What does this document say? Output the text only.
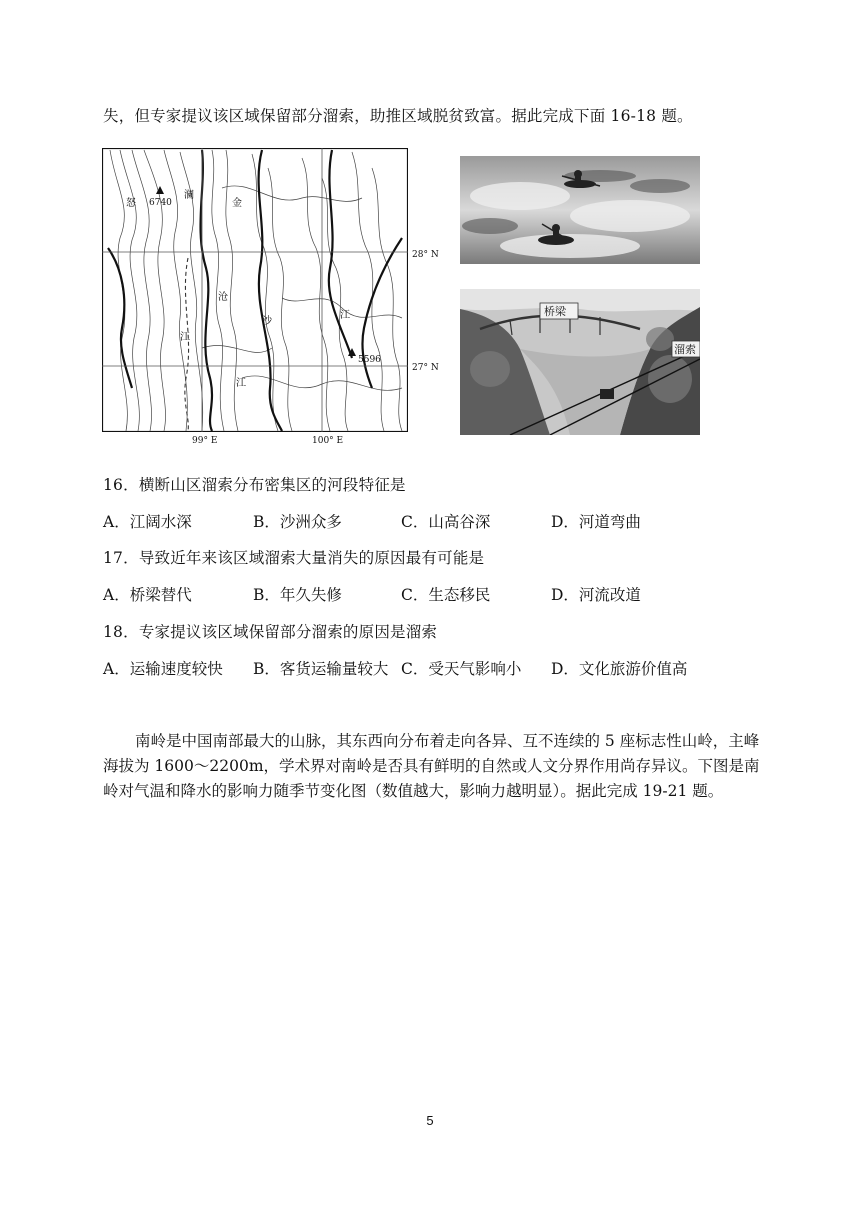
失，但专家提议该区域保留部分溜索，助推区域脱贫致富。据此完成下面 16-18 题。
6740
5596
怒
澜
金
沧
沙
江
江
江
28° N
27° N
99° E	100° E
桥梁
溜索
16．横断山区溜索分布密集区的河段特征是
A．江阔水深	B．沙洲众多	C．山高谷深	D．河道弯曲
17．导致近年来该区域溜索大量消失的原因最有可能是
A．桥梁替代	B．年久失修	C．生态移民	D．河流改道
18．专家提议该区域保留部分溜索的原因是溜索
A．运输速度较快 B．客货运输量较大 C．受天气影响小 D．文化旅游价值高

南岭是中国南部最大的山脉，其东西向分布着走向各异、互不连续的 5 座标志性山岭，主峰海拔为 1600～2200m，学术界对南岭是否具有鲜明的自然或人文分界作用尚存异议。下图是南岭对气温和降水的影响力随季节变化图（数值越大，影响力越明显）。据此完成 19-21 题。

5
